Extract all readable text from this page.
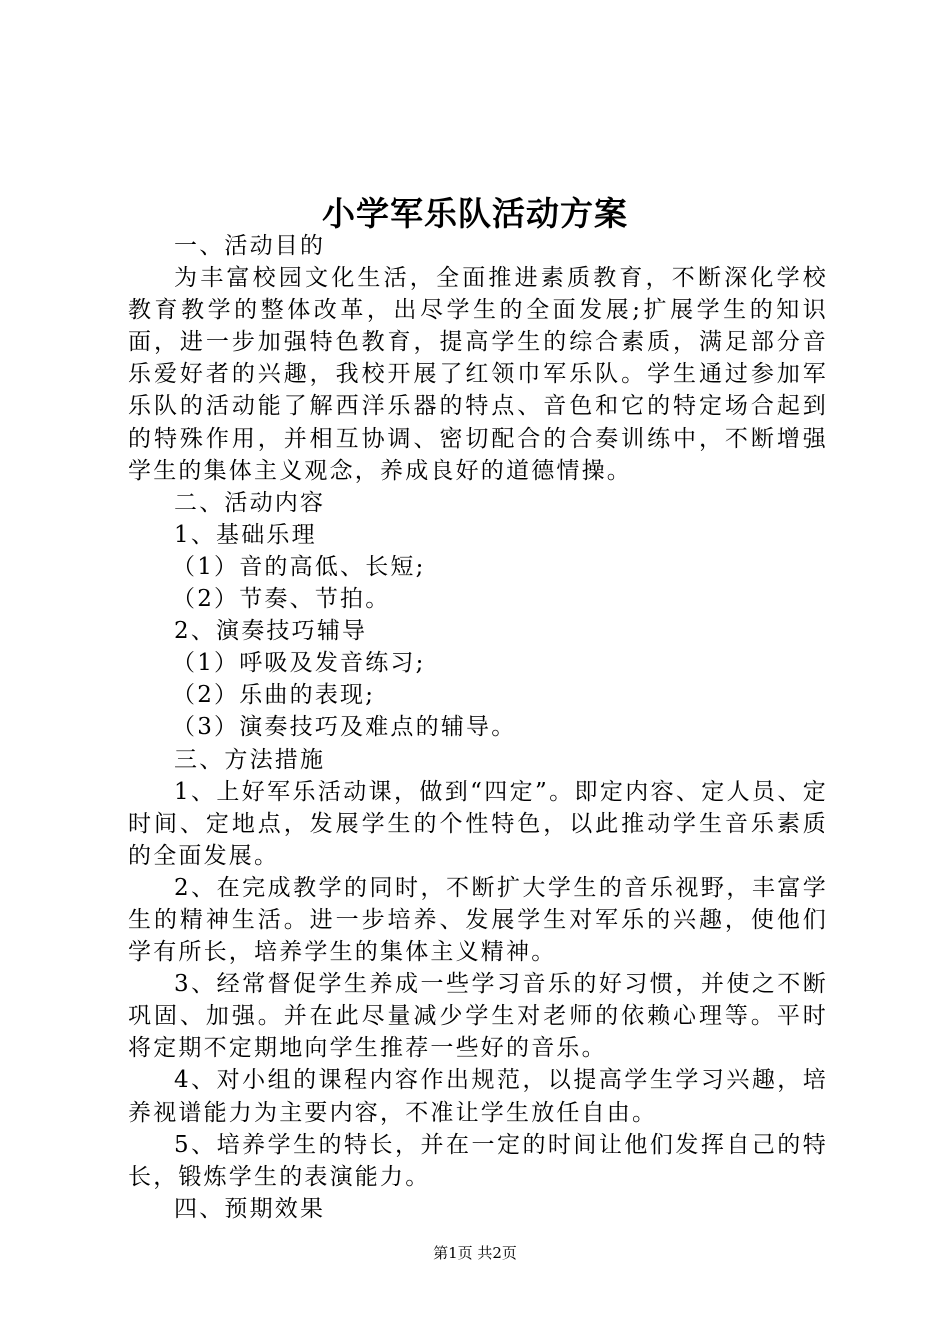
小学军乐队活动方案

一、活动目的

为丰富校园文化生活，全面推进素质教育，不断深化学校教育教学的整体改革，出尽学生的全面发展;扩展学生的知识面，进一步加强特色教育，提高学生的综合素质，满足部分音乐爱好者的兴趣，我校开展了红领巾军乐队。学生通过参加军乐队的活动能了解西洋乐器的特点、音色和它的特定场合起到的特殊作用，并相互协调、密切配合的合奏训练中，不断增强学生的集体主义观念，养成良好的道德情操。

二、活动内容

1、基础乐理

（1）音的高低、长短;

（2）节奏、节拍。

2、演奏技巧辅导

（1）呼吸及发音练习;

（2）乐曲的表现;

（3）演奏技巧及难点的辅导。

三、方法措施

1、上好军乐活动课，做到“四定”。即定内容、定人员、定时间、定地点，发展学生的个性特色，以此推动学生音乐素质的全面发展。

2、在完成教学的同时，不断扩大学生的音乐视野，丰富学生的精神生活。进一步培养、发展学生对军乐的兴趣，使他们学有所长，培养学生的集体主义精神。

3、经常督促学生养成一些学习音乐的好习惯，并使之不断巩固、加强。并在此尽量减少学生对老师的依赖心理等。平时将定期不定期地向学生推荐一些好的音乐。

4、对小组的课程内容作出规范，以提高学生学习兴趣，培养视谱能力为主要内容，不准让学生放任自由。

5、培养学生的特长，并在一定的时间让他们发挥自己的特长，锻炼学生的表演能力。

四、预期效果

第1页 共2页
